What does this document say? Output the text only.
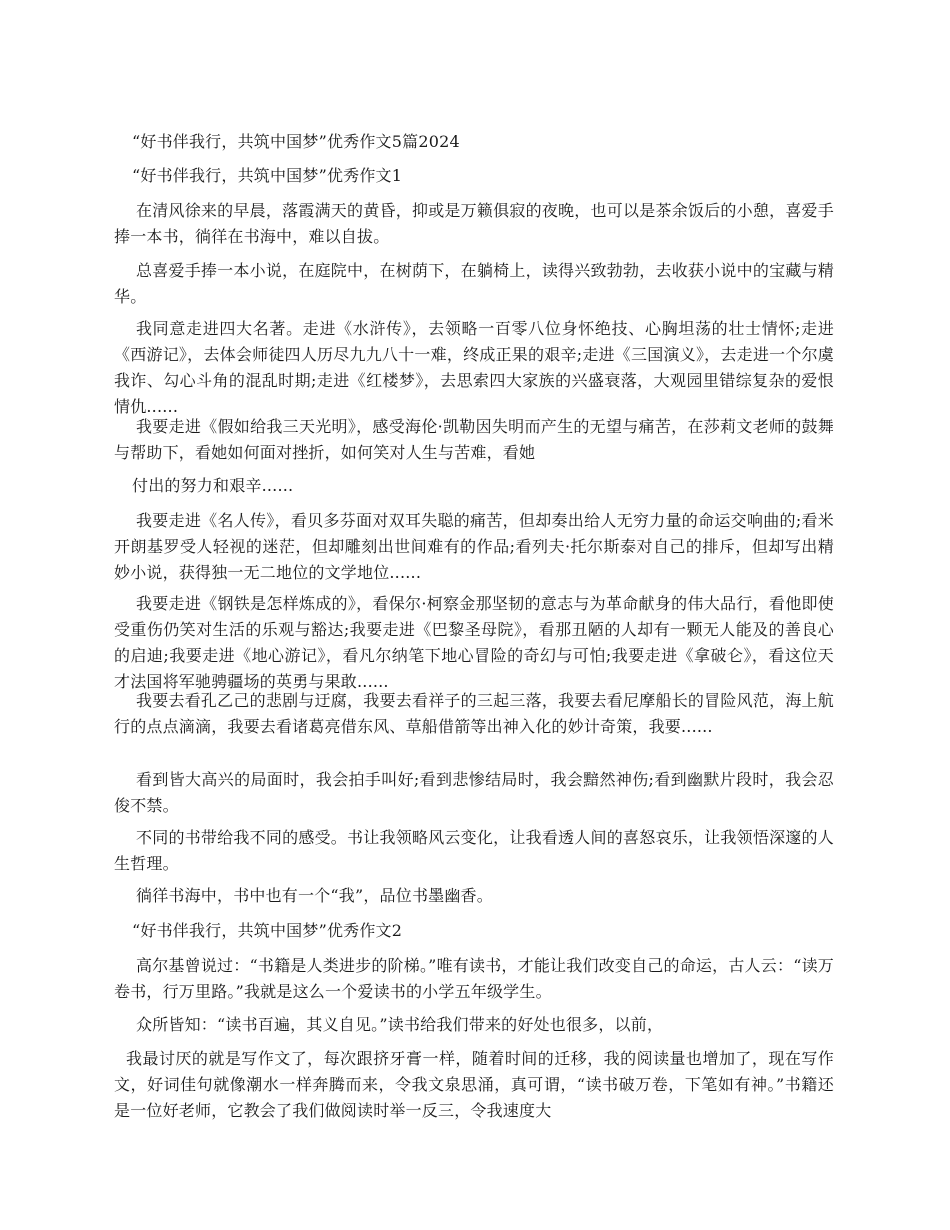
“好书伴我行，共筑中国梦”优秀作文5篇2024

“好书伴我行，共筑中国梦”优秀作文1

在清风徐来的早晨，落霞满天的黄昏，抑或是万籁俱寂的夜晚，也可以是茶余饭后的小憩，喜爱手捧一本书，徜徉在书海中，难以自拔。

总喜爱手捧一本小说，在庭院中，在树荫下，在躺椅上，读得兴致勃勃，去收获小说中的宝藏与精华。

我同意走进四大名著。走进《水浒传》，去领略一百零八位身怀绝技、心胸坦荡的壮士情怀;走进《西游记》，去体会师徒四人历尽九九八十一难，终成正果的艰辛;走进《三国演义》，去走进一个尔虞我诈、勾心斗角的混乱时期;走进《红楼梦》，去思索四大家族的兴盛衰落，大观园里错综复杂的爱恨情仇......

我要走进《假如给我三天光明》，感受海伦·凯勒因失明而产生的无望与痛苦，在莎莉文老师的鼓舞与帮助下，看她如何面对挫折，如何笑对人生与苦难，看她

付出的努力和艰辛......

我要走进《名人传》，看贝多芬面对双耳失聪的痛苦，但却奏出给人无穷力量的命运交响曲的;看米开朗基罗受人轻视的迷茫，但却雕刻出世间难有的作品;看列夫·托尔斯泰对自己的排斥，但却写出精妙小说，获得独一无二地位的文学地位......

我要走进《钢铁是怎样炼成的》，看保尔·柯察金那坚韧的意志与为革命献身的伟大品行，看他即使受重伤仍笑对生活的乐观与豁达;我要走进《巴黎圣母院》，看那丑陋的人却有一颗无人能及的善良心的启迪;我要走进《地心游记》，看凡尔纳笔下地心冒险的奇幻与可怕;我要走进《拿破仑》，看这位天才法国将军驰骋疆场的英勇与果敢......

我要去看孔乙己的悲剧与迂腐，我要去看祥子的三起三落，我要去看尼摩船长的冒险风范，海上航行的点点滴滴，我要去看诸葛亮借东风、草船借箭等出神入化的妙计奇策，我要......

看到皆大高兴的局面时，我会拍手叫好;看到悲惨结局时，我会黯然神伤;看到幽默片段时，我会忍俊不禁。

不同的书带给我不同的感受。书让我领略风云变化，让我看透人间的喜怒哀乐，让我领悟深邃的人生哲理。

徜徉书海中，书中也有一个“我”，品位书墨幽香。

“好书伴我行，共筑中国梦”优秀作文2

高尔基曾说过：“书籍是人类进步的阶梯。”唯有读书，才能让我们改变自己的命运，古人云：“读万卷书，行万里路。”我就是这么一个爱读书的小学五年级学生。

众所皆知：“读书百遍，其义自见。”读书给我们带来的好处也很多，以前，

我最讨厌的就是写作文了，每次跟挤牙膏一样，随着时间的迁移，我的阅读量也增加了，现在写作文，好词佳句就像潮水一样奔腾而来，令我文泉思涌，真可谓，“读书破万卷，下笔如有神。”书籍还是一位好老师，它教会了我们做阅读时举一反三，令我速度大
